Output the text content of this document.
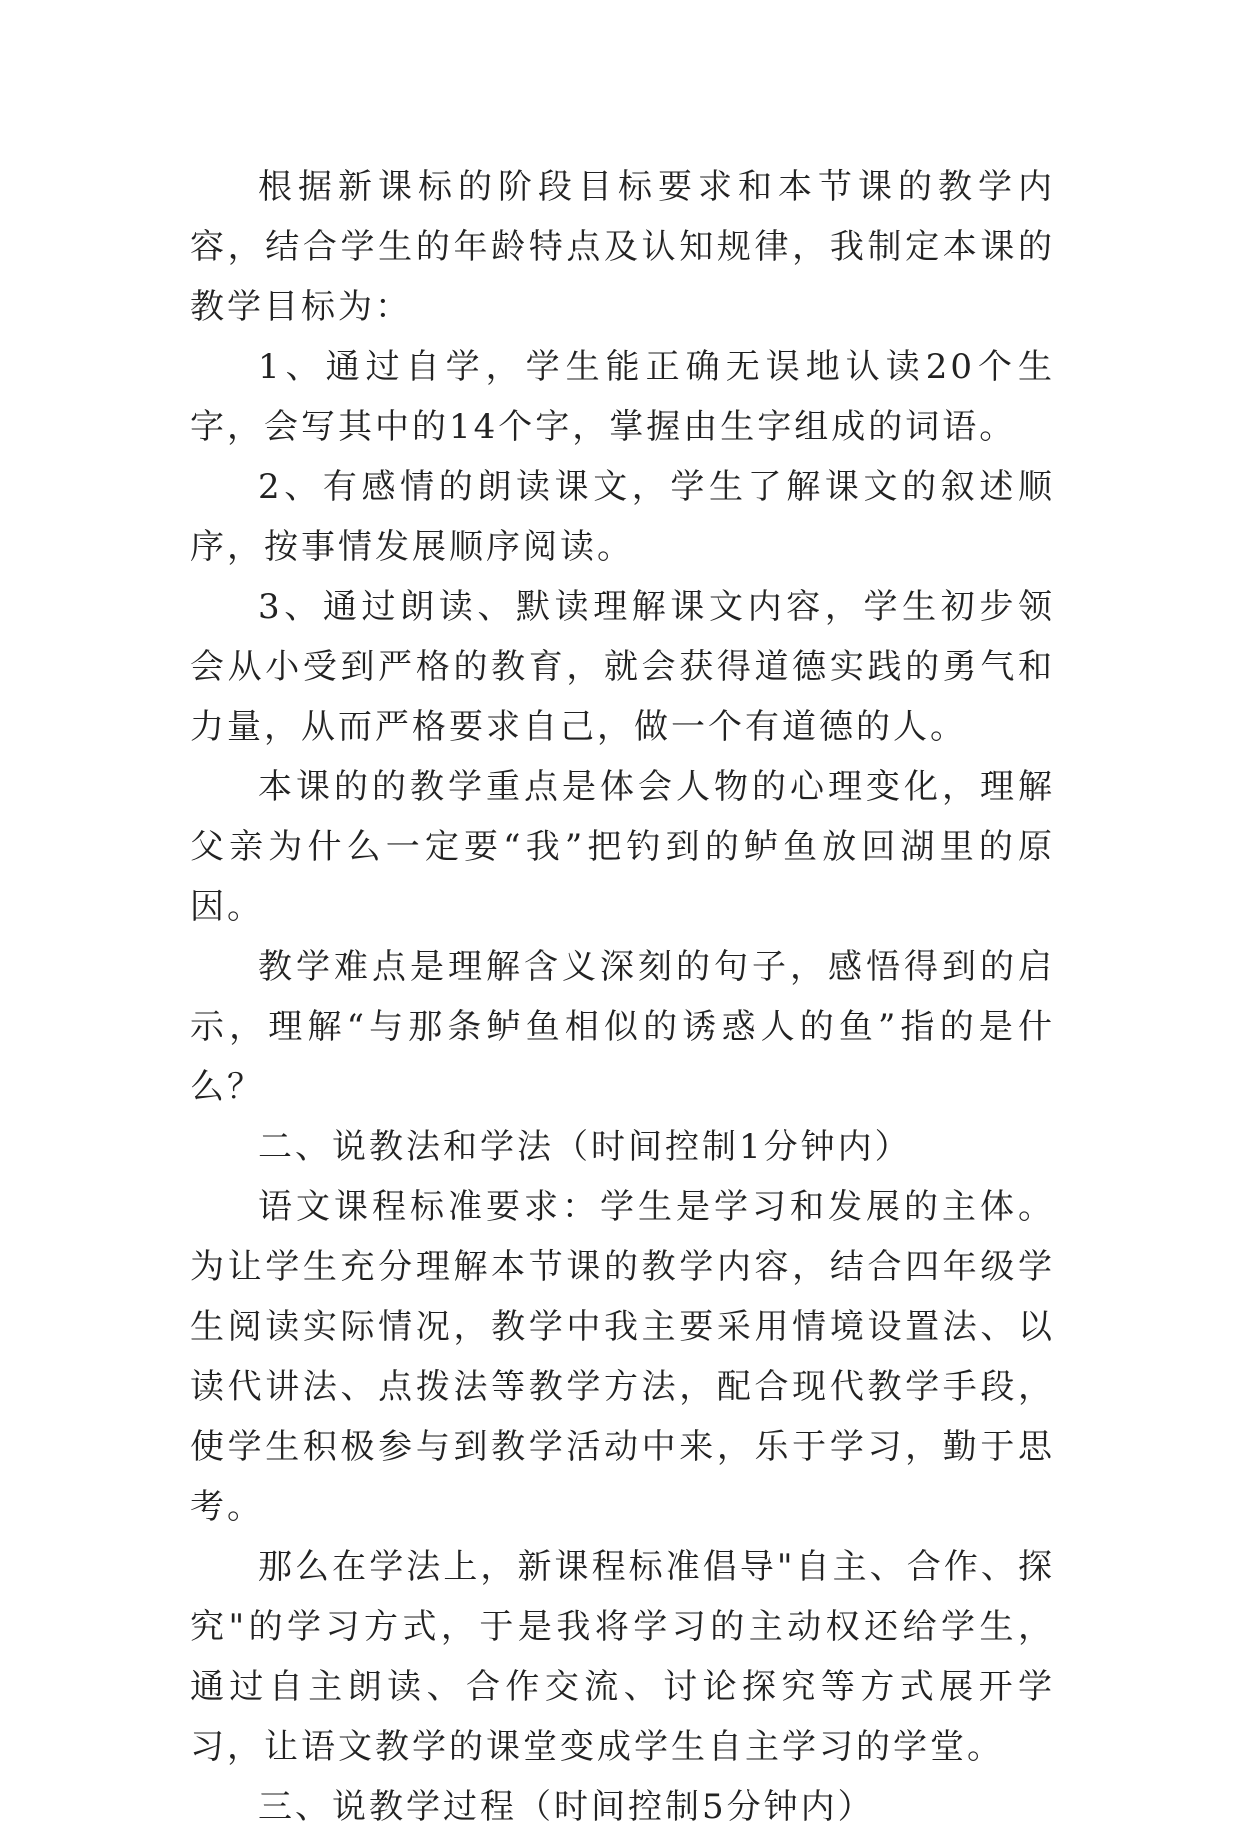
根据新课标的阶段目标要求和本节课的教学内容，结合学生的年龄特点及认知规律，我制定本课的教学目标为：

1、通过自学，学生能正确无误地认读20个生字，会写其中的14个字，掌握由生字组成的词语。

2、有感情的朗读课文，学生了解课文的叙述顺序，按事情发展顺序阅读。

3、通过朗读、默读理解课文内容，学生初步领会从小受到严格的教育，就会获得道德实践的勇气和力量，从而严格要求自己，做一个有道德的人。

本课的的教学重点是体会人物的心理变化，理解父亲为什么一定要“我”把钓到的鲈鱼放回湖里的原因。

教学难点是理解含义深刻的句子，感悟得到的启示，理解“与那条鲈鱼相似的诱惑人的鱼”指的是什么？

二、说教法和学法（时间控制1分钟内）

语文课程标准要求：学生是学习和发展的主体。为让学生充分理解本节课的教学内容，结合四年级学生阅读实际情况，教学中我主要采用情境设置法、以读代讲法、点拨法等教学方法，配合现代教学手段，使学生积极参与到教学活动中来，乐于学习，勤于思考。

那么在学法上，新课程标准倡导"自主、合作、探究"的学习方式，于是我将学习的主动权还给学生，通过自主朗读、合作交流、讨论探究等方式展开学习，让语文教学的课堂变成学生自主学习的学堂。

三、说教学过程（时间控制5分钟内）
